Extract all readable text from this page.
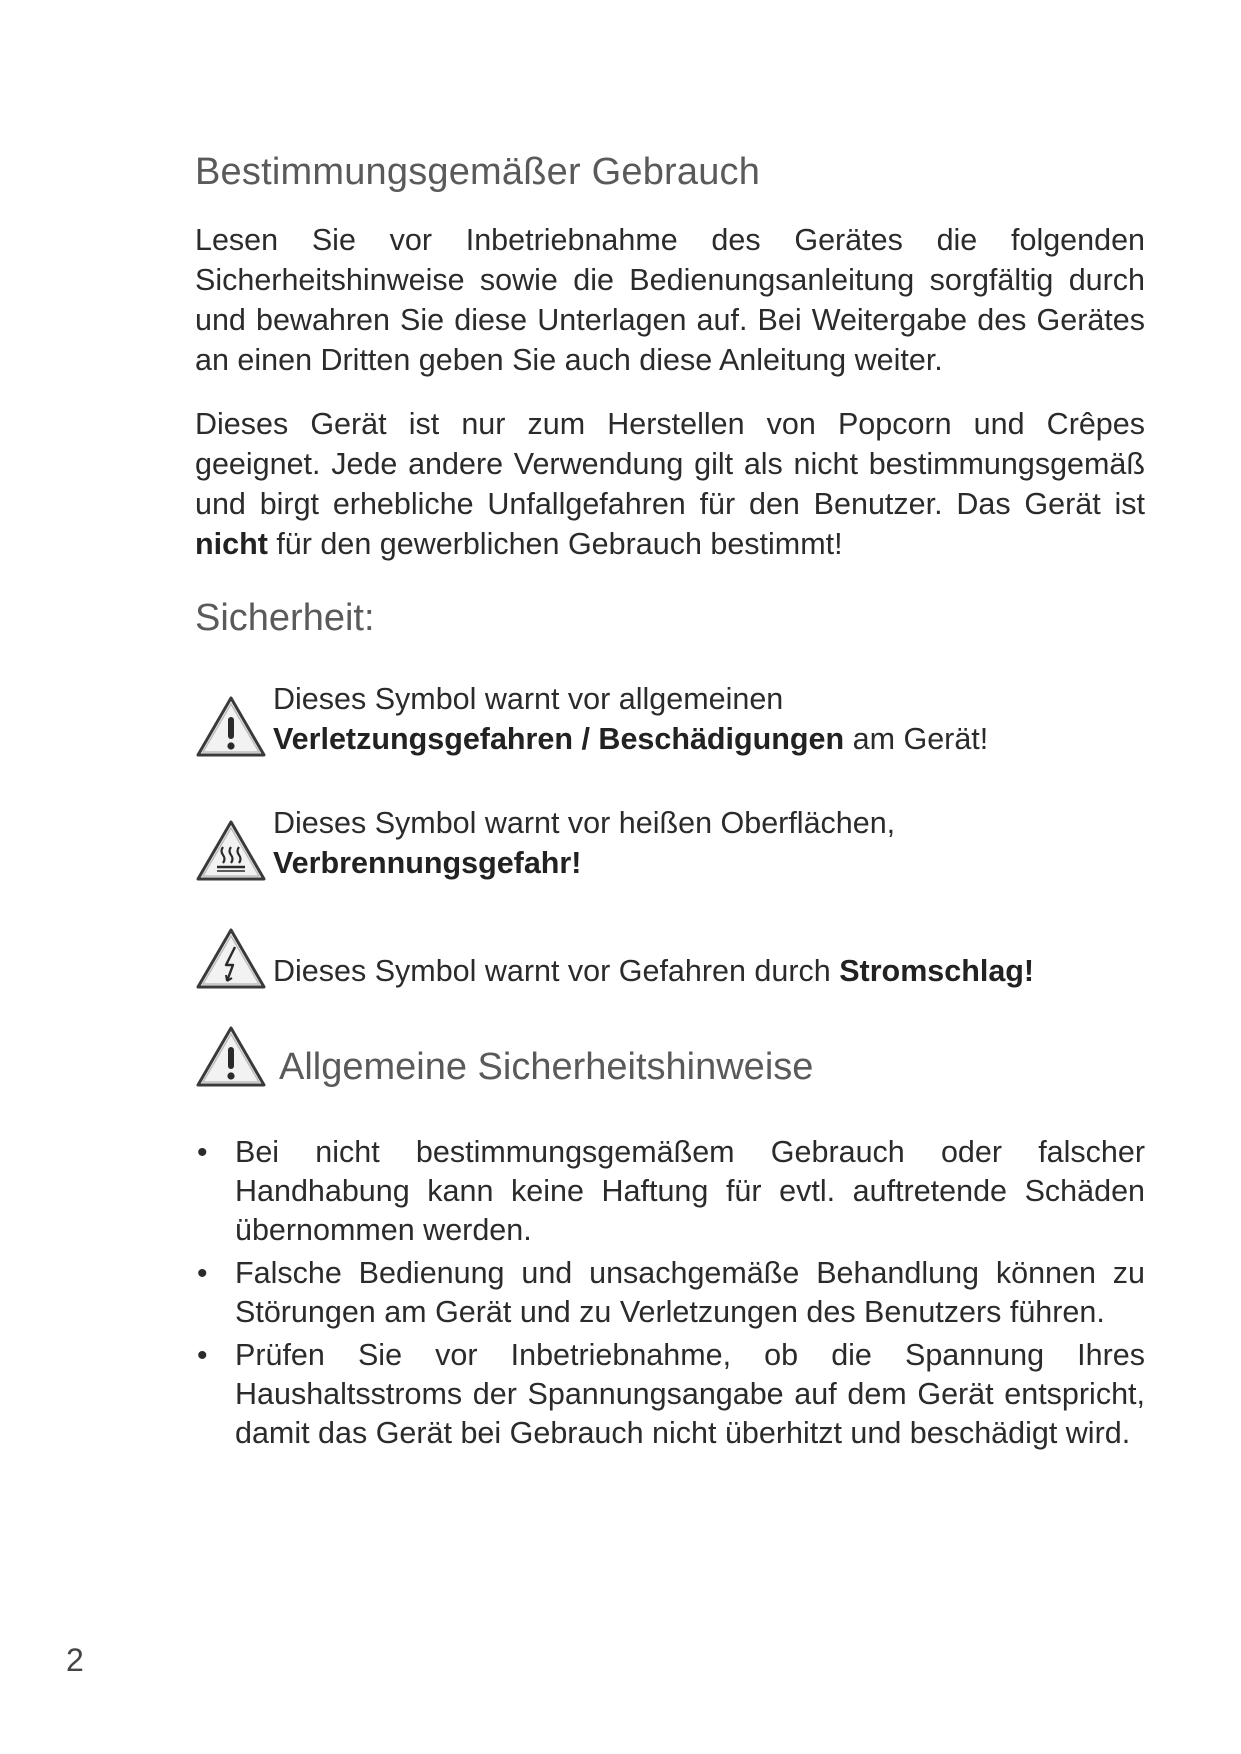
Bestimmungsgemäßer Gebrauch

Lesen Sie vor Inbetriebnahme des Gerätes die folgenden Sicherheitshinweise sowie die Bedienungsanleitung sorgfältig durch und bewahren Sie diese Unterlagen auf. Bei Weitergabe des Gerätes an einen Dritten geben Sie auch diese Anleitung weiter.

Dieses Gerät ist nur zum Herstellen von Popcorn und Crêpes geeignet. Jede andere Verwendung gilt als nicht bestimmungsgemäß und birgt erhebliche Unfallgefahren für den Benutzer. Das Gerät ist nicht für den gewerblichen Gebrauch bestimmt!

Sicherheit:
Dieses Symbol warnt vor allgemeinen
Verletzungsgefahren / Beschädigungen am Gerät!
Dieses Symbol warnt vor heißen Oberflächen,
Verbrennungsgefahr!
Dieses Symbol warnt vor Gefahren durch Stromschlag!
Allgemeine Sicherheitshinweise
• Bei nicht bestimmungsgemäßem Gebrauch oder falscher Handhabung kann keine Haftung für evtl. auftretende Schäden übernommen werden.
• Falsche Bedienung und unsachgemäße Behandlung können zu Störungen am Gerät und zu Verletzungen des Benutzers führen.
• Prüfen Sie vor Inbetriebnahme, ob die Spannung Ihres Haushaltsstroms der Spannungsangabe auf dem Gerät entspricht, damit das Gerät bei Gebrauch nicht überhitzt und beschädigt wird.
2
